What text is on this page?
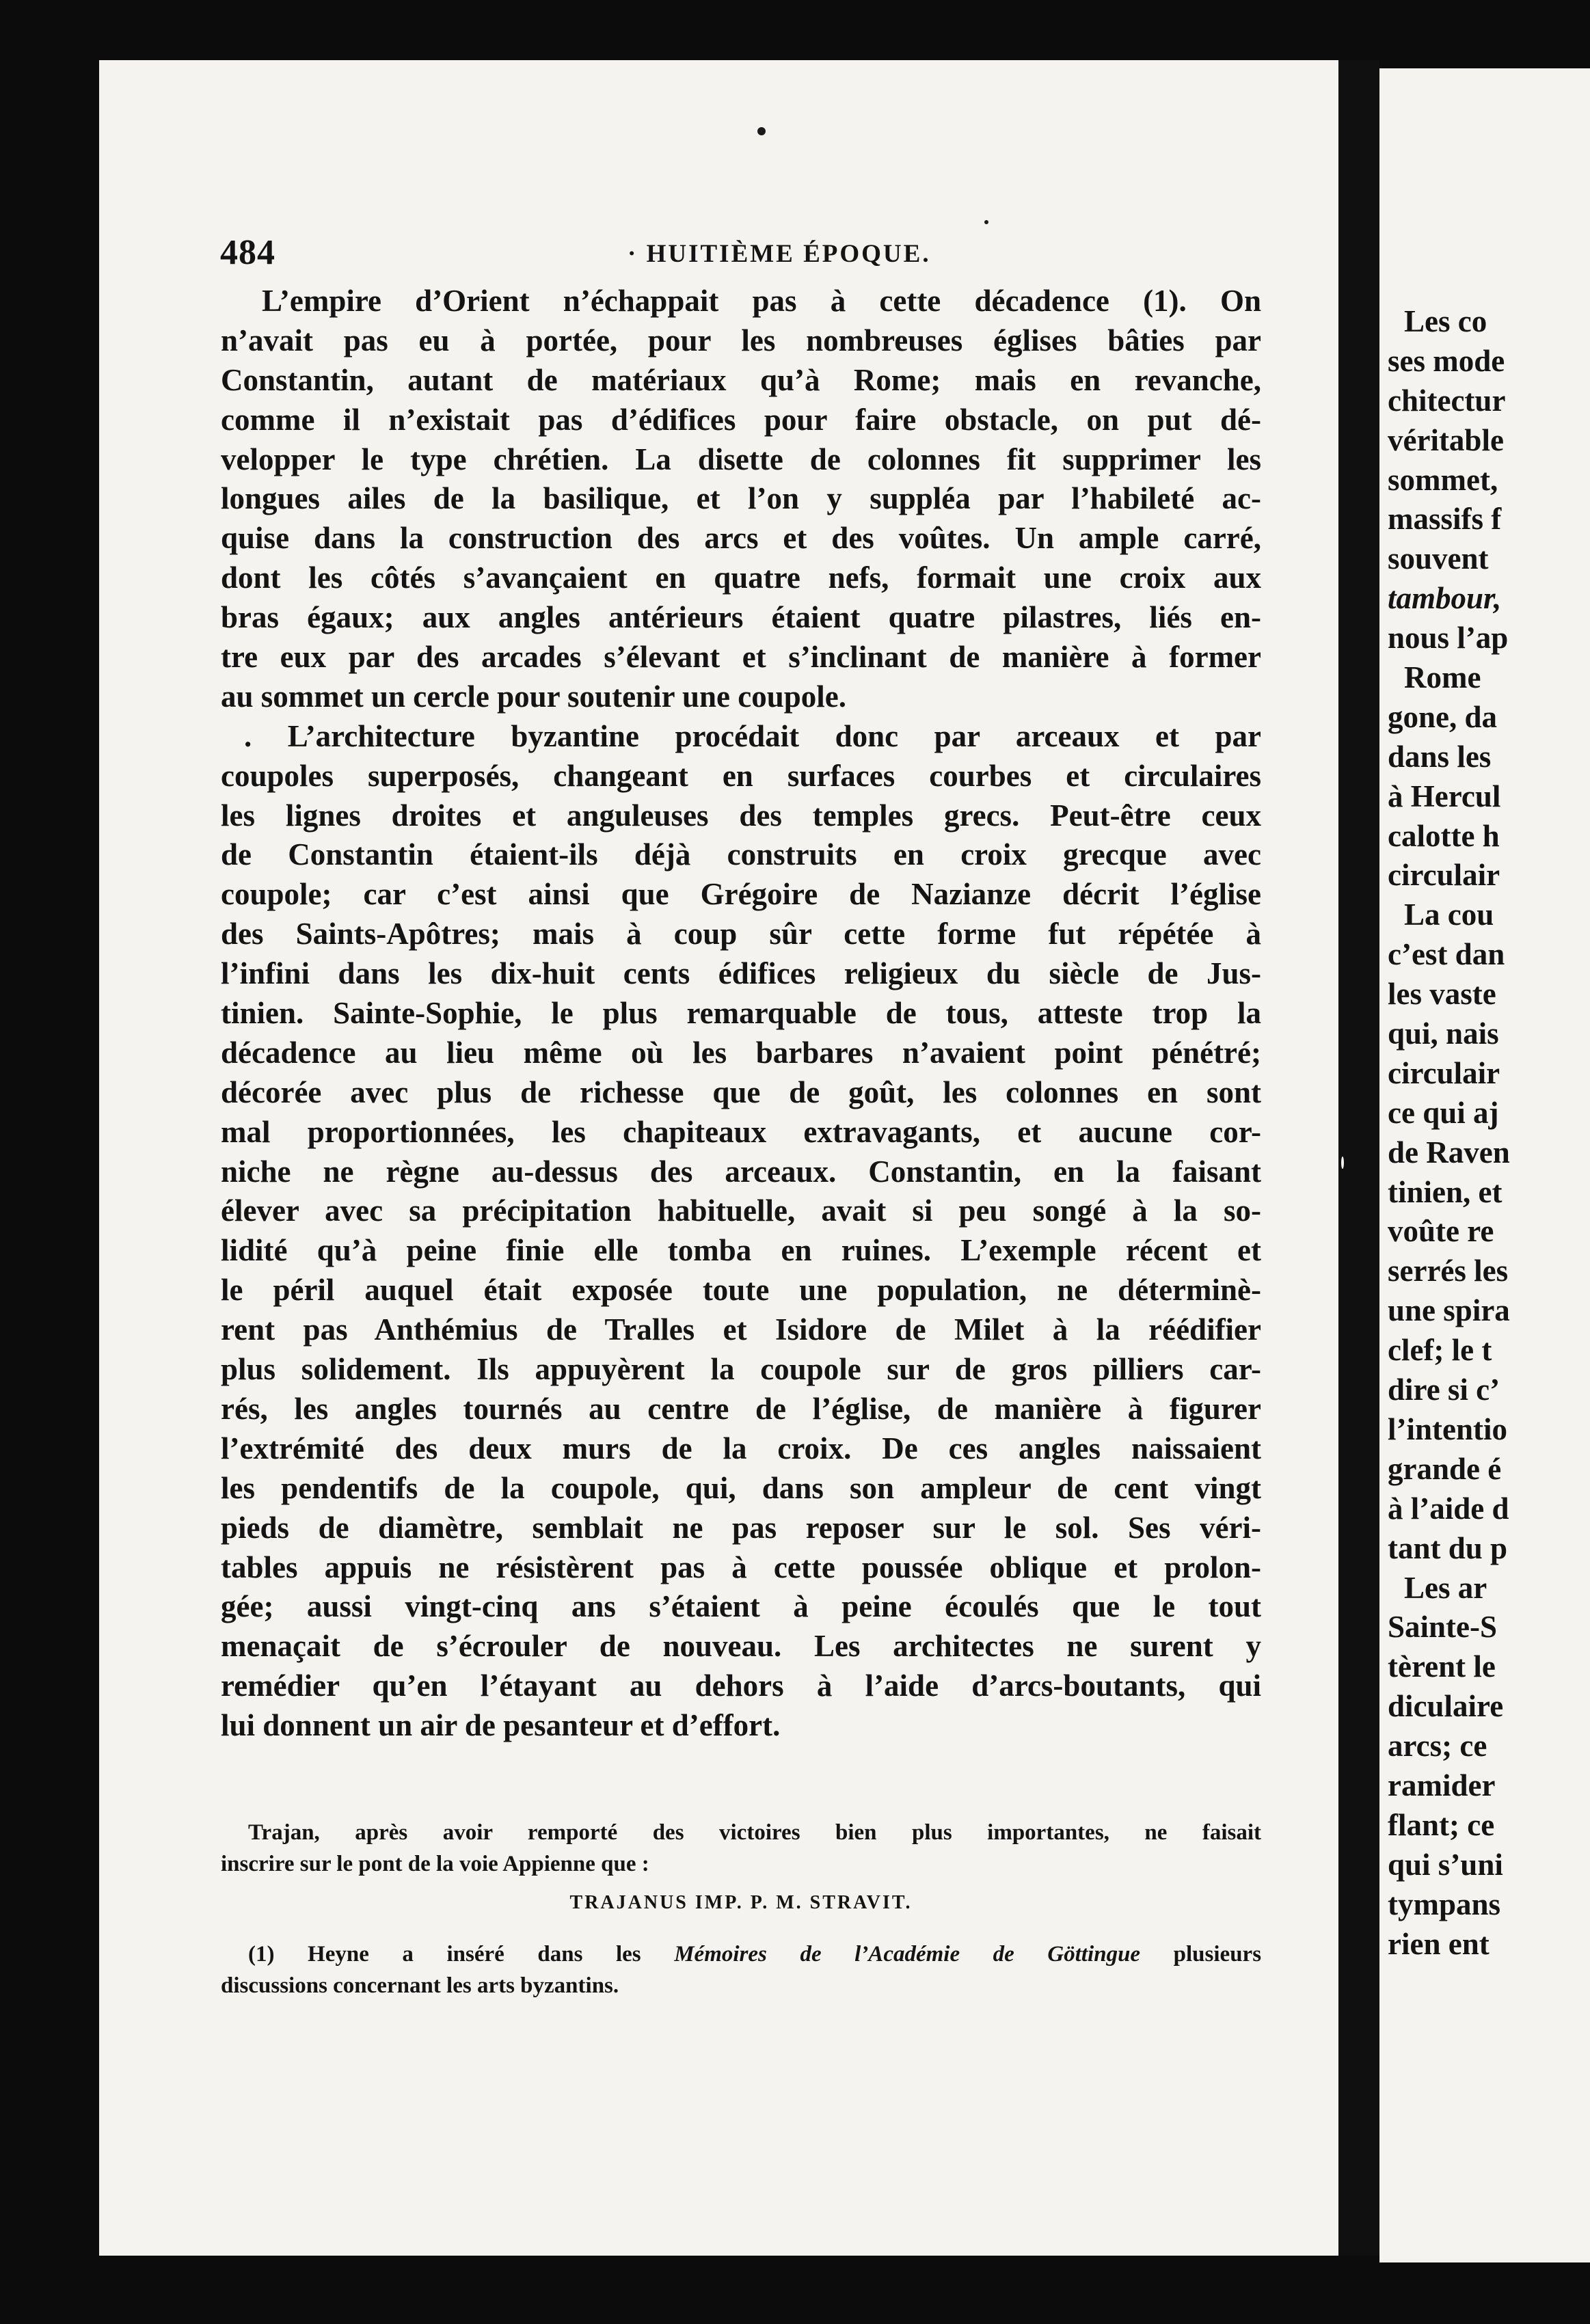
484	· HUITIÈME ÉPOQUE.
L’empire d’Orient n’échappait pas à cette décadence (1). On
n’avait pas eu à portée, pour les nombreuses églises bâties par
Constantin, autant de matériaux qu’à Rome; mais en revanche,
comme il n’existait pas d’édifices pour faire obstacle, on put dé-
velopper le type chrétien. La disette de colonnes fit supprimer les
longues ailes de la basilique, et l’on y suppléa par l’habileté ac-
quise dans la construction des arcs et des voûtes. Un ample carré,
dont les côtés s’avançaient en quatre nefs, formait une croix aux
bras égaux; aux angles antérieurs étaient quatre pilastres, liés en-
tre eux par des arcades s’élevant et s’inclinant de manière à former
au sommet un cercle pour soutenir une coupole.
. L’architecture byzantine procédait donc par arceaux et par
coupoles superposés, changeant en surfaces courbes et circulaires
les lignes droites et anguleuses des temples grecs. Peut-être ceux
de Constantin étaient-ils déjà construits en croix grecque avec
coupole; car c’est ainsi que Grégoire de Nazianze décrit l’église
des Saints-Apôtres; mais à coup sûr cette forme fut répétée à
l’infini dans les dix-huit cents édifices religieux du siècle de Jus-
tinien. Sainte-Sophie, le plus remarquable de tous, atteste trop la
décadence au lieu même où les barbares n’avaient point pénétré;
décorée avec plus de richesse que de goût, les colonnes en sont
mal proportionnées, les chapiteaux extravagants, et aucune cor-
niche ne règne au-dessus des arceaux. Constantin, en la faisant
élever avec sa précipitation habituelle, avait si peu songé à la so-
lidité qu’à peine finie elle tomba en ruines. L’exemple récent et
le péril auquel était exposée toute une population, ne déterminè-
rent pas Anthémius de Tralles et Isidore de Milet à la réédifier
plus solidement. Ils appuyèrent la coupole sur de gros pilliers car-
rés, les angles tournés au centre de l’église, de manière à figurer
l’extrémité des deux murs de la croix. De ces angles naissaient
les pendentifs de la coupole, qui, dans son ampleur de cent vingt
pieds de diamètre, semblait ne pas reposer sur le sol. Ses véri-
tables appuis ne résistèrent pas à cette poussée oblique et prolon-
gée; aussi vingt-cinq ans s’étaient à peine écoulés que le tout
menaçait de s’écrouler de nouveau. Les architectes ne surent y
remédier qu’en l’étayant au dehors à l’aide d’arcs-boutants, qui
lui donnent un air de pesanteur et d’effort.
Trajan, après avoir remporté des victoires bien plus importantes, ne faisait
inscrire sur le pont de la voie Appienne que :
TRAJANUS IMP. P. M. STRAVIT.
(1) Heyne a inséré dans les Mémoires de l’Académie de Göttingue plusieurs
discussions concernant les arts byzantins.
Les co
ses mode
chitectur
véritable
sommet,
massifs f
souvent
tambour,
nous l’ap
Rome
gone, da
dans les
à Hercul
calotte h
circulair
La cou
c’est dan
les vaste
qui, nais
circulair
ce qui aj
de Raven
tinien, et
voûte re
serrés les
une spira
clef; le t
dire si c’
l’intentio
grande é
à l’aide d
tant du p
Les ar
Sainte-S
tèrent le
diculaire
arcs; ce
ramider
flant; ce
qui s’uni
tympans
rien ent
